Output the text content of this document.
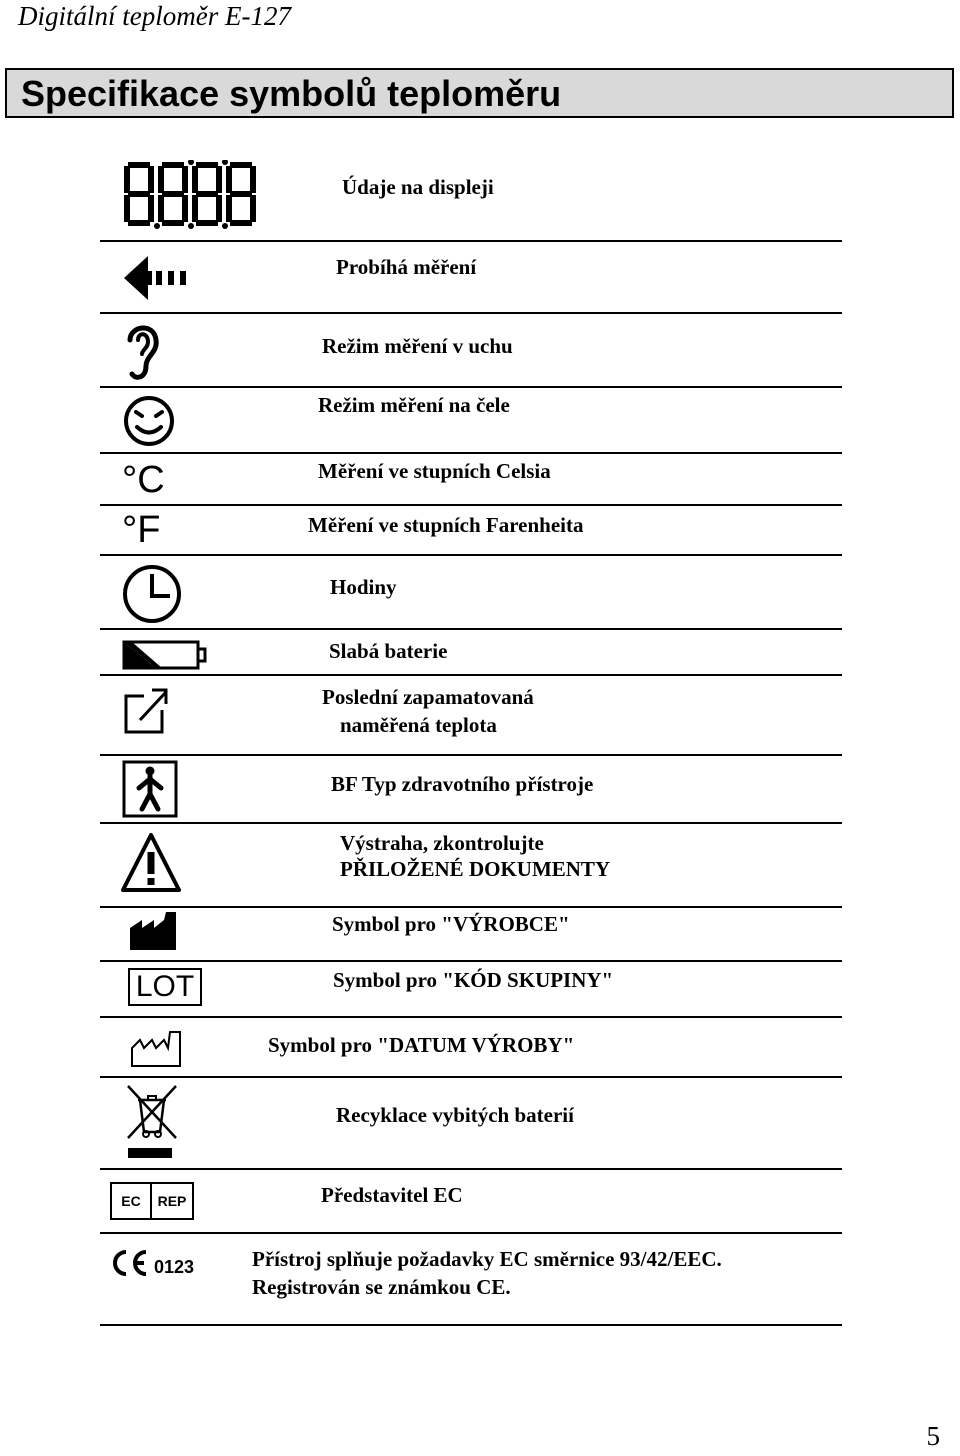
Digitální teploměr E-127
Specifikace symbolů teploměru
Údaje na displeji
Probíhá měření
Režim měření v uchu
Režim měření na čele
°C	Měření ve stupních Celsia
°F	Měření ve stupních Farenheita
Hodiny
Slabá baterie
Poslední zapamatovaná
naměřená teplota
BF Typ zdravotního přístroje
Výstraha, zkontrolujte
PŘILOŽENÉ DOKUMENTY
Symbol pro "VÝROBCE"
LOT	Symbol pro "KÓD SKUPINY"
Symbol pro "DATUM VÝROBY"
Recyklace vybitých baterií
EC	REP	Představitel EC
0123	Přístroj splňuje požadavky EC směrnice 93/42/EEC.
Registrován se známkou CE.
5
